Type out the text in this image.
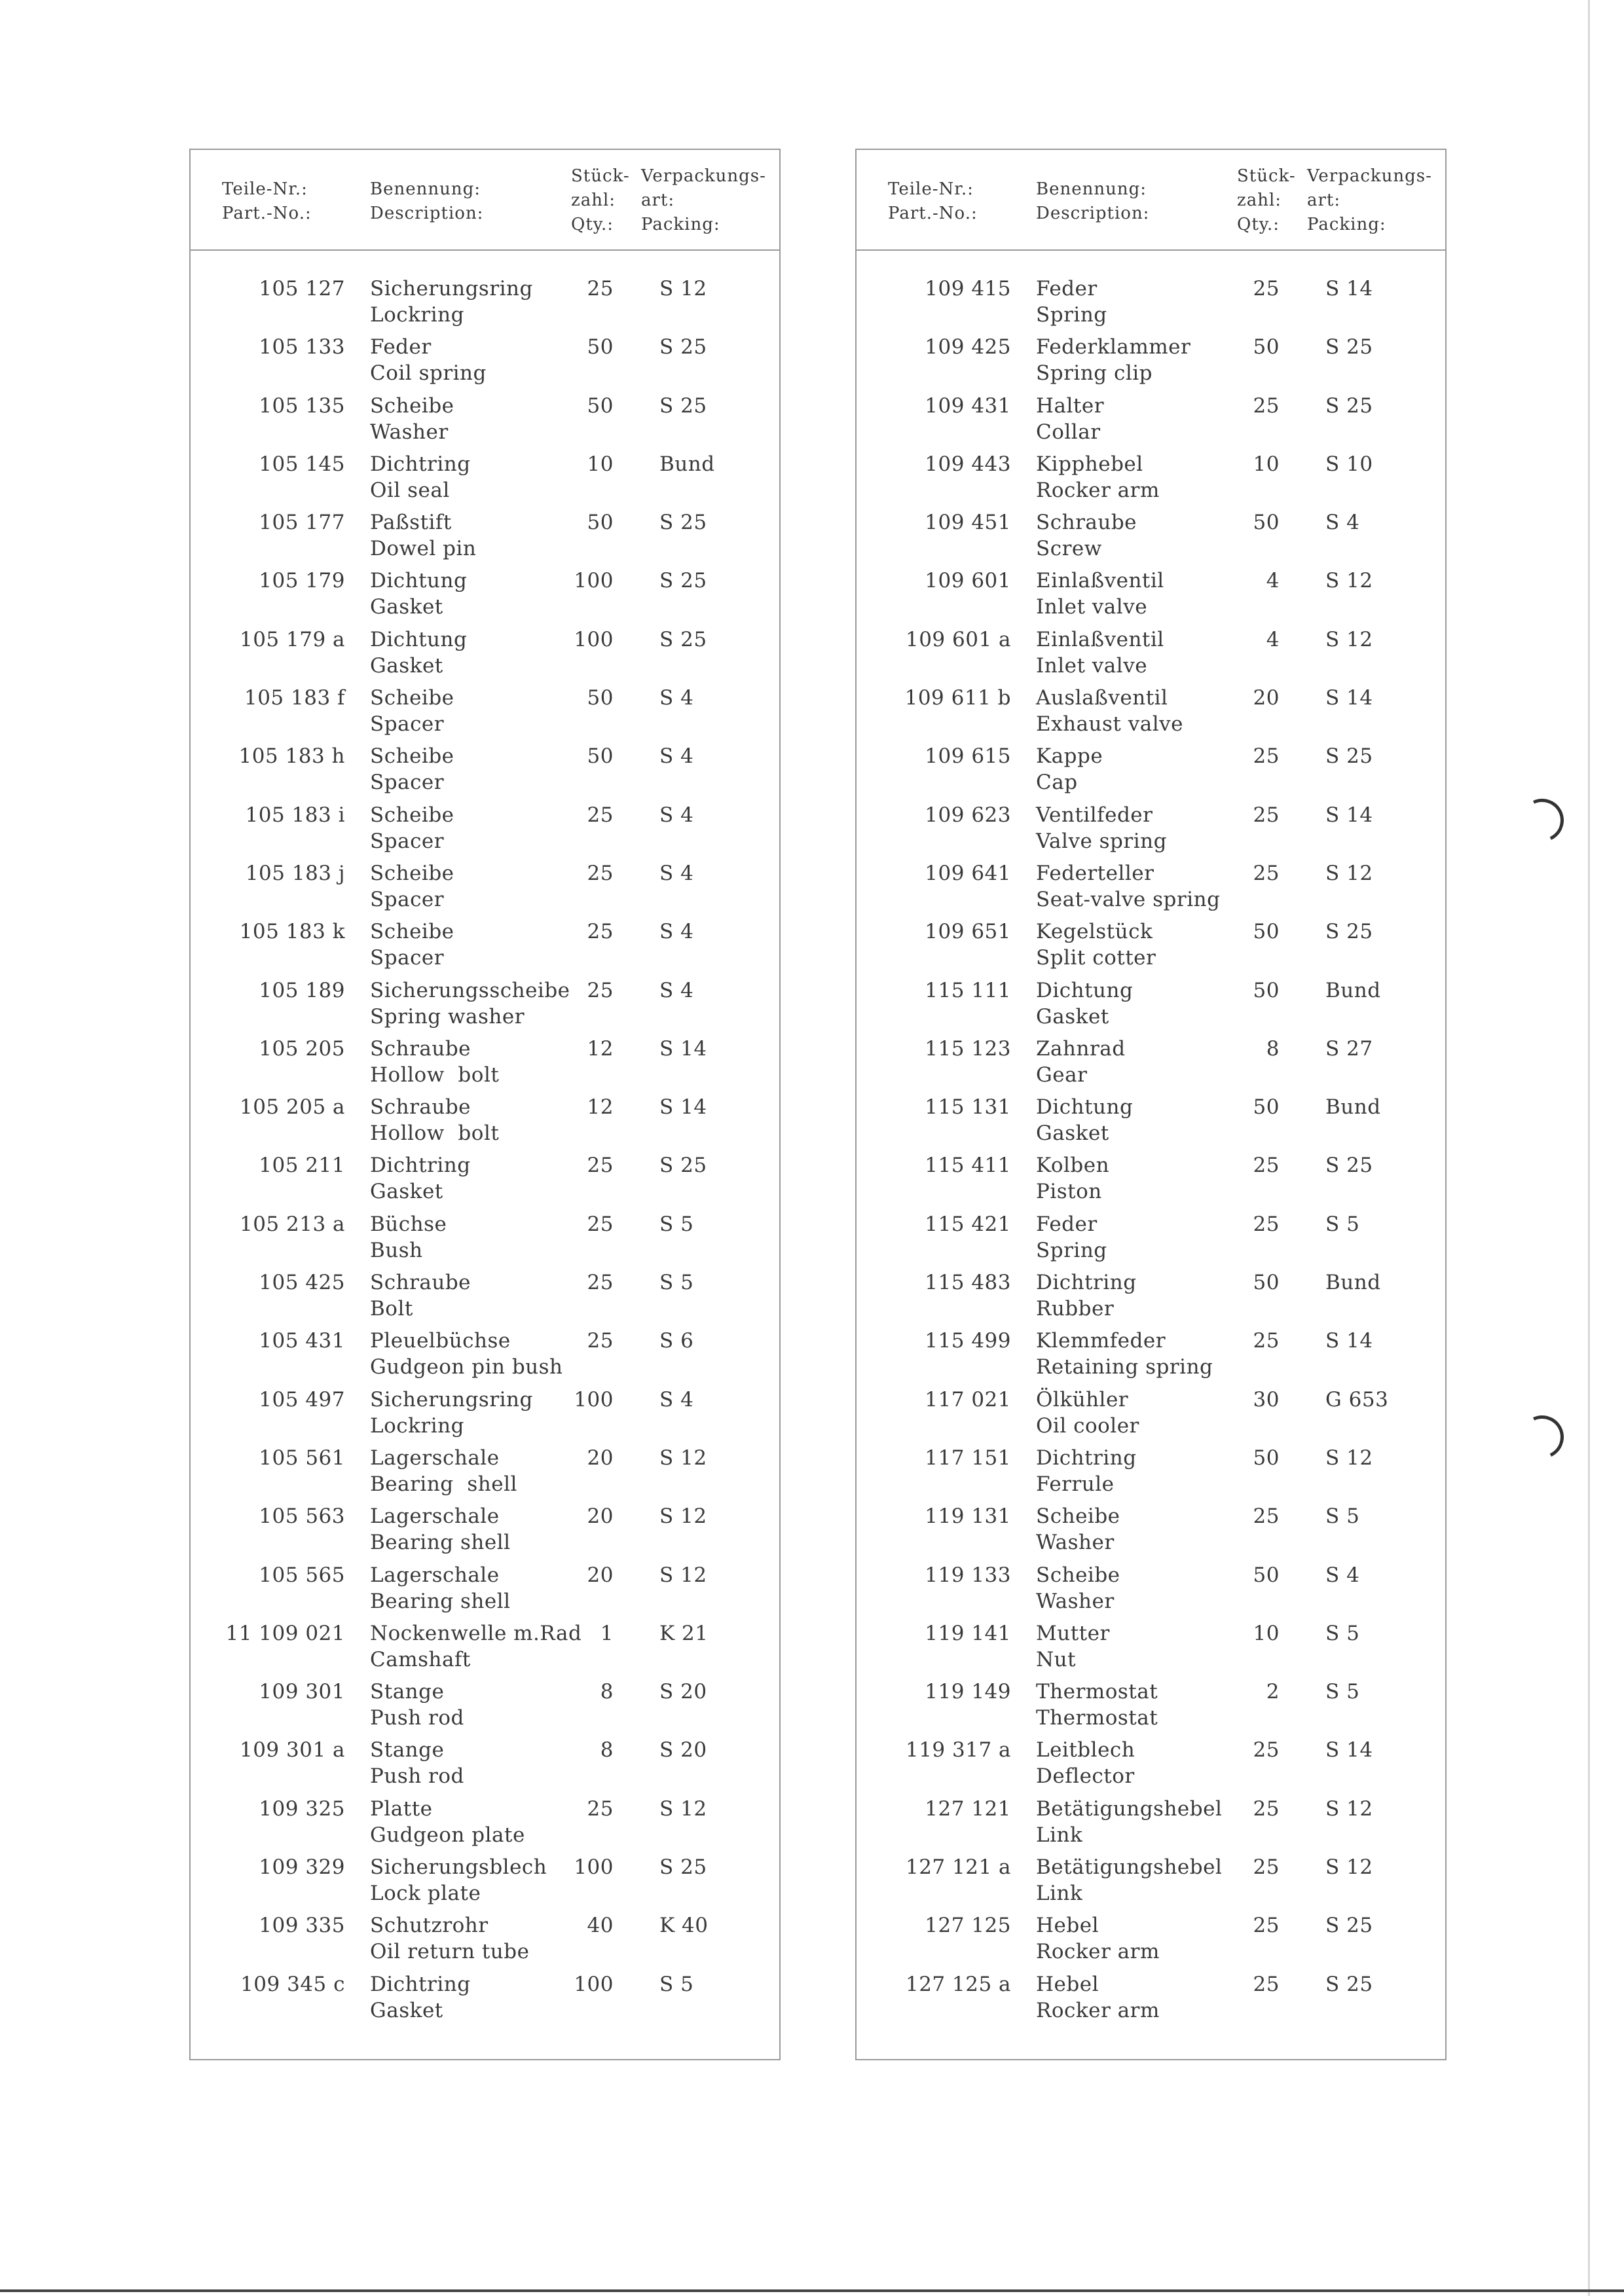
Teile-Nr.:
Part.-No.:
Benennung:
Description:
Stück-
zahl:
Qty.:
Verpackungs-
art:
Packing:
105 127 Sicherungsring
Lockring
25 S 12
105 133 Feder
Coil spring
50 S 25
105 135 Scheibe
Washer
50 S 25
105 145 Dichtring
Oil seal
10 Bund
105 177 Paßstift
Dowel pin
50 S 25
105 179 Dichtung
Gasket
100 S 25
105 179 a Dichtung
Gasket
100 S 25
105 183 f Scheibe
Spacer
50 S 4
105 183 h Scheibe
Spacer
50 S 4
105 183 i Scheibe
Spacer
25 S 4
105 183 j Scheibe
Spacer
25 S 4
105 183 k Scheibe
Spacer
25 S 4
105 189 Sicherungsscheibe
Spring washer
25 S 4
105 205 Schraube
Hollow  bolt
12 S 14
105 205 a Schraube
Hollow  bolt
12 S 14
105 211 Dichtring
Gasket
25 S 25
105 213 a Büchse
Bush
25 S 5
105 425 Schraube
Bolt
25 S 5
105 431 Pleuelbüchse
Gudgeon pin bush
25 S 6
105 497 Sicherungsring
Lockring
100 S 4
105 561 Lagerschale
Bearing  shell
20 S 12
105 563 Lagerschale
Bearing shell
20 S 12
105 565 Lagerschale
Bearing shell
20 S 12
11 109 021 Nockenwelle m.Rad
Camshaft
1 K 21
109 301 Stange
Push rod
8 S 20
109 301 a Stange
Push rod
8 S 20
109 325 Platte
Gudgeon plate
25 S 12
109 329 Sicherungsblech
Lock plate
100 S 25
109 335 Schutzrohr
Oil return tube
40 K 40
109 345 c Dichtring
Gasket
100 S 5
Teile-Nr.:
Part.-No.:
Benennung:
Description:
Stück-
zahl:
Qty.:
Verpackungs-
art:
Packing:
109 415 Feder
Spring
25 S 14
109 425 Federklammer
Spring clip
50 S 25
109 431 Halter
Collar
25 S 25
109 443 Kipphebel
Rocker arm
10 S 10
109 451 Schraube
Screw
50 S 4
109 601 Einlaßventil
Inlet valve
4 S 12
109 601 a Einlaßventil
Inlet valve
4 S 12
109 611 b Auslaßventil
Exhaust valve
20 S 14
109 615 Kappe
Cap
25 S 25
109 623 Ventilfeder
Valve spring
25 S 14
109 641 Federteller
Seat-valve spring
25 S 12
109 651 Kegelstück
Split cotter
50 S 25
115 111 Dichtung
Gasket
50 Bund
115 123 Zahnrad
Gear
8 S 27
115 131 Dichtung
Gasket
50 Bund
115 411 Kolben
Piston
25 S 25
115 421 Feder
Spring
25 S 5
115 483 Dichtring
Rubber
50 Bund
115 499 Klemmfeder
Retaining spring
25 S 14
117 021 Ölkühler
Oil cooler
30 G 653
117 151 Dichtring
Ferrule
50 S 12
119 131 Scheibe
Washer
25 S 5
119 133 Scheibe
Washer
50 S 4
119 141 Mutter
Nut
10 S 5
119 149 Thermostat
Thermostat
2 S 5
119 317 a Leitblech
Deflector
25 S 14
127 121 Betätigungshebel
Link
25 S 12
127 121 a Betätigungshebel
Link
25 S 12
127 125 Hebel
Rocker arm
25 S 25
127 125 a Hebel
Rocker arm
25 S 25
